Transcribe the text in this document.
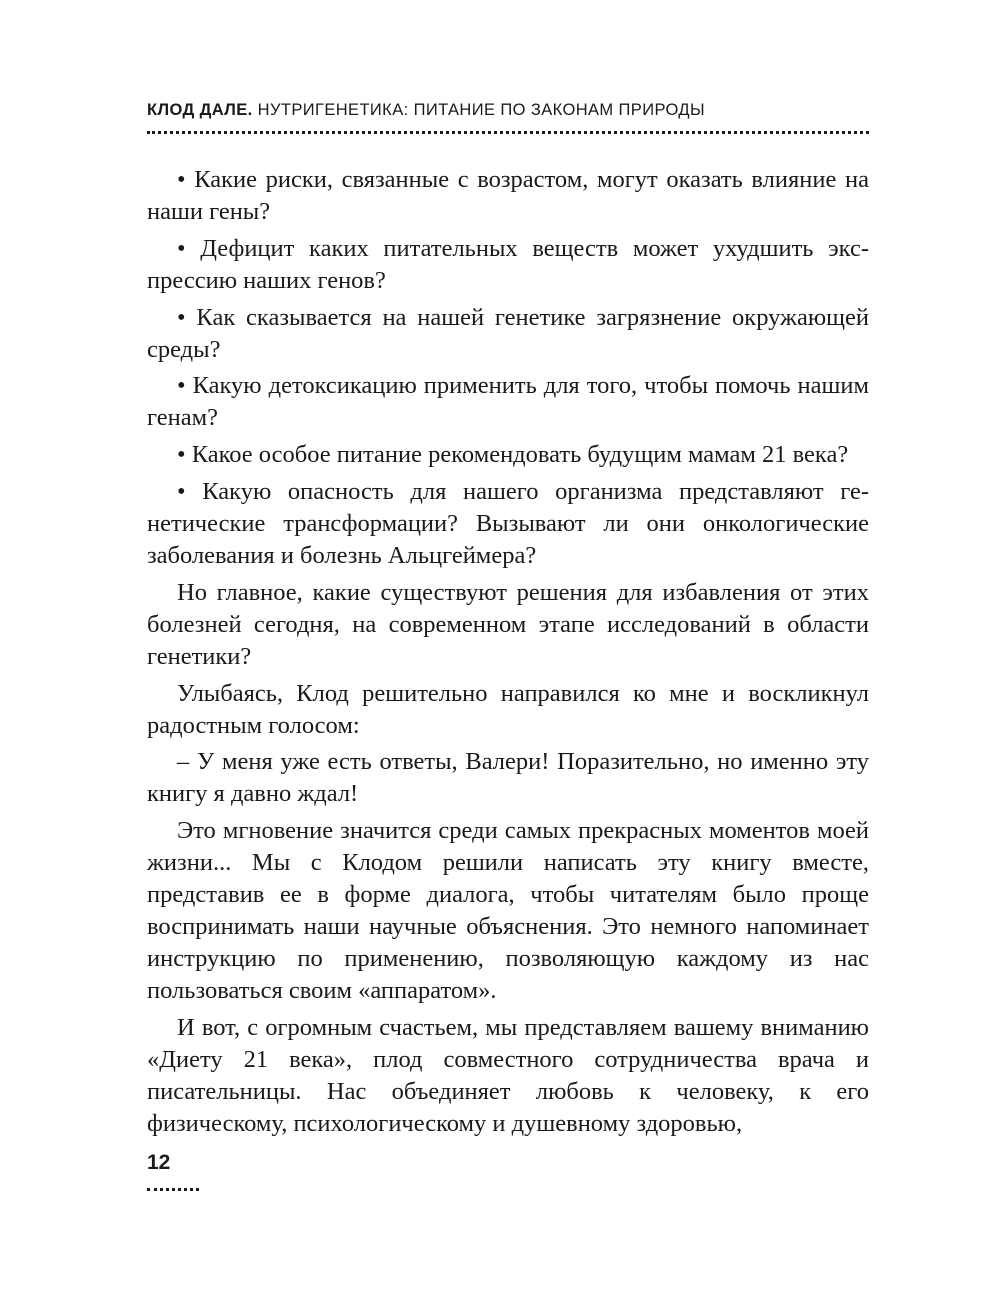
КЛОД ДАЛЕ. НУТРИГЕНЕТИКА: ПИТАНИЕ ПО ЗАКОНАМ ПРИРОДЫ

• Какие риски, связанные с возрастом, могут оказать влияние на наши гены?

• Дефицит каких питательных веществ может ухудшить экспрессию наших генов?

• Как сказывается на нашей генетике загрязнение окружающей среды?

• Какую детоксикацию применить для того, чтобы помочь нашим генам?

• Какое особое питание рекомендовать будущим мамам 21 века?

• Какую опасность для нашего организма представляют генетические трансформации? Вызывают ли они онкологические заболевания и болезнь Альцгеймера?

Но главное, какие существуют решения для избавления от этих болезней сегодня, на современном этапе исследований в области генетики?

Улыбаясь, Клод решительно направился ко мне и воскликнул радостным голосом:

– У меня уже есть ответы, Валери! Поразительно, но именно эту книгу я давно ждал!

Это мгновение значится среди самых прекрасных моментов моей жизни... Мы с Клодом решили написать эту книгу вместе, представив ее в форме диалога, чтобы читателям было проще воспринимать наши научные объяснения. Это немного напоминает инструкцию по применению, позволяющую каждому из нас пользоваться своим «аппаратом».

И вот, с огромным счастьем, мы представляем вашему вниманию «Диету 21 века», плод совместного сотрудничества врача и писательницы. Нас объединяет любовь к человеку, к его физическому, психологическому и душевному здоровью,

12
